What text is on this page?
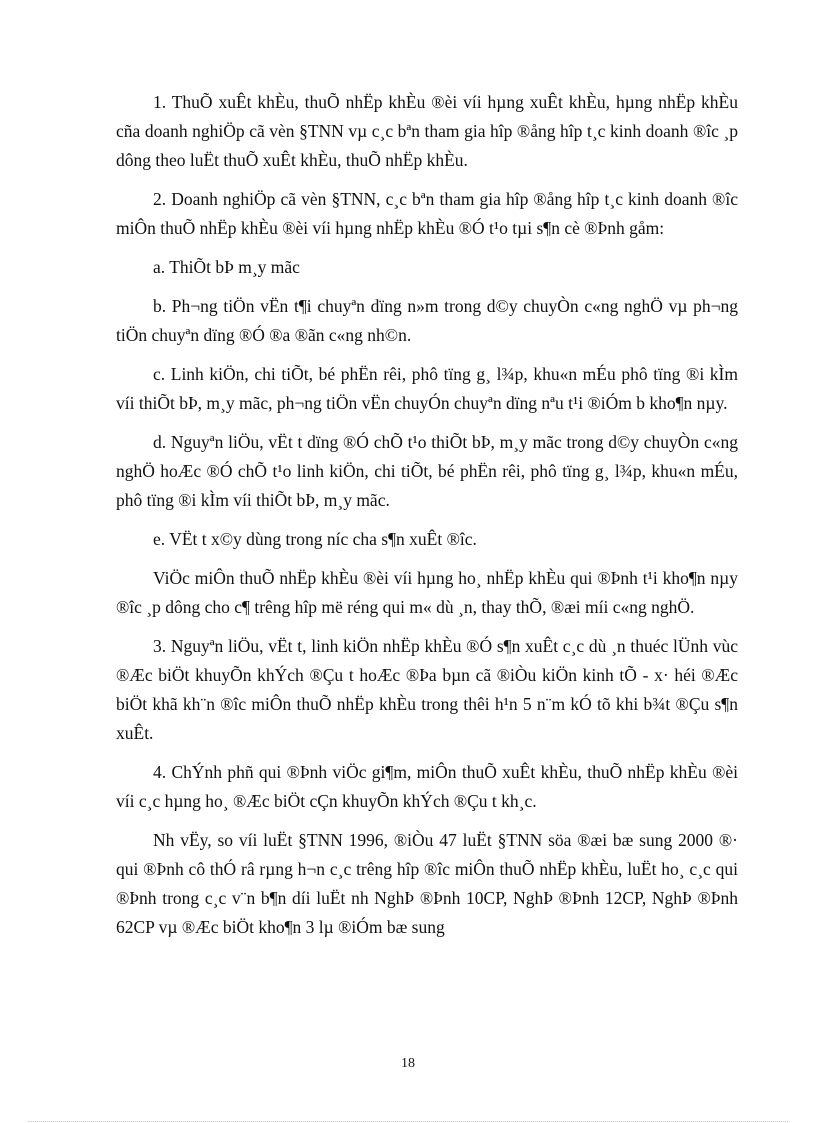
1. ThuÕ xuÊt khÈu, thuÕ nhËp khÈu ®èi víi hµng xuÊt khÈu, hµng nhËp khÈu cña doanh nghiÖp cã vèn §TNN vµ c¸c bªn tham gia hîp ®ång hîp t¸c kinh doanh ®îc ¸p dông theo luËt thuÕ xuÊt khÈu, thuÕ nhËp khÈu.

2. Doanh nghiÖp cã vèn §TNN, c¸c bªn tham gia hîp ®ång hîp t¸c kinh doanh ®îc miÔn thuÕ nhËp khÈu ®èi víi hµng nhËp khÈu ®Ó t¹o tµi s¶n cè ®Þnh gåm:

a. ThiÕt bÞ m¸y mãc

b. Ph¬ng tiÖn vËn t¶i chuyªn dïng n»m trong d©y chuyÒn c«ng nghÖ vµ ph¬ng tiÖn chuyªn dïng ®Ó ®a ®ãn c«ng nh©n.

c. Linh kiÖn, chi tiÕt, bé phËn rêi, phô tïng g¸ l¾p, khu«n mÉu phô tïng ®i kÌm víi thiÕt bÞ, m¸y mãc, ph¬ng tiÖn vËn chuyÓn chuyªn dïng nªu t¹i ®iÓm b kho¶n nµy.

d. Nguyªn liÖu, vËt t dïng ®Ó chÕ t¹o thiÕt bÞ, m¸y mãc trong d©y chuyÒn c«ng nghÖ hoÆc ®Ó chÕ t¹o linh kiÖn, chi tiÕt, bé phËn rêi, phô tïng g¸ l¾p, khu«n mÉu, phô tïng ®i kÌm víi thiÕt bÞ, m¸y mãc.

e. VËt t x©y dùng trong níc cha s¶n xuÊt ®îc.

ViÖc miÔn thuÕ nhËp khÈu ®èi víi hµng ho¸ nhËp khÈu qui ®Þnh t¹i kho¶n nµy ®îc ¸p dông cho c¶ trêng hîp më réng qui m« dù ¸n, thay thÕ, ®æi míi c«ng nghÖ.

3. Nguyªn liÖu, vËt t, linh kiÖn nhËp khÈu ®Ó s¶n xuÊt c¸c dù ¸n thuéc lÜnh vùc ®Æc biÖt khuyÕn khÝch ®Çu t hoÆc ®Þa bµn cã ®iÒu kiÖn kinh tÕ - x· héi ®Æc biÖt khã kh¨n ®îc miÔn thuÕ nhËp khÈu trong thêi h¹n 5 n¨m kÓ tõ khi b¾t ®Çu s¶n xuÊt.

4. ChÝnh phñ qui ®Þnh viÖc gi¶m, miÔn thuÕ xuÊt khÈu, thuÕ nhËp khÈu ®èi víi c¸c hµng ho¸ ®Æc biÖt cÇn khuyÕn khÝch ®Çu t kh¸c.

Nh vËy, so víi luËt §TNN 1996, ®iÒu 47 luËt §TNN söa ®æi bæ sung 2000 ®· qui ®Þnh cô thÓ râ rµng h¬n c¸c trêng hîp ®îc miÔn thuÕ nhËp khÈu, luËt ho¸ c¸c qui ®Þnh trong c¸c v¨n b¶n díi luËt nh NghÞ ®Þnh 10CP, NghÞ ®Þnh 12CP, NghÞ ®Þnh 62CP vµ ®Æc biÖt kho¶n 3 lµ ®iÓm bæ sung

18
